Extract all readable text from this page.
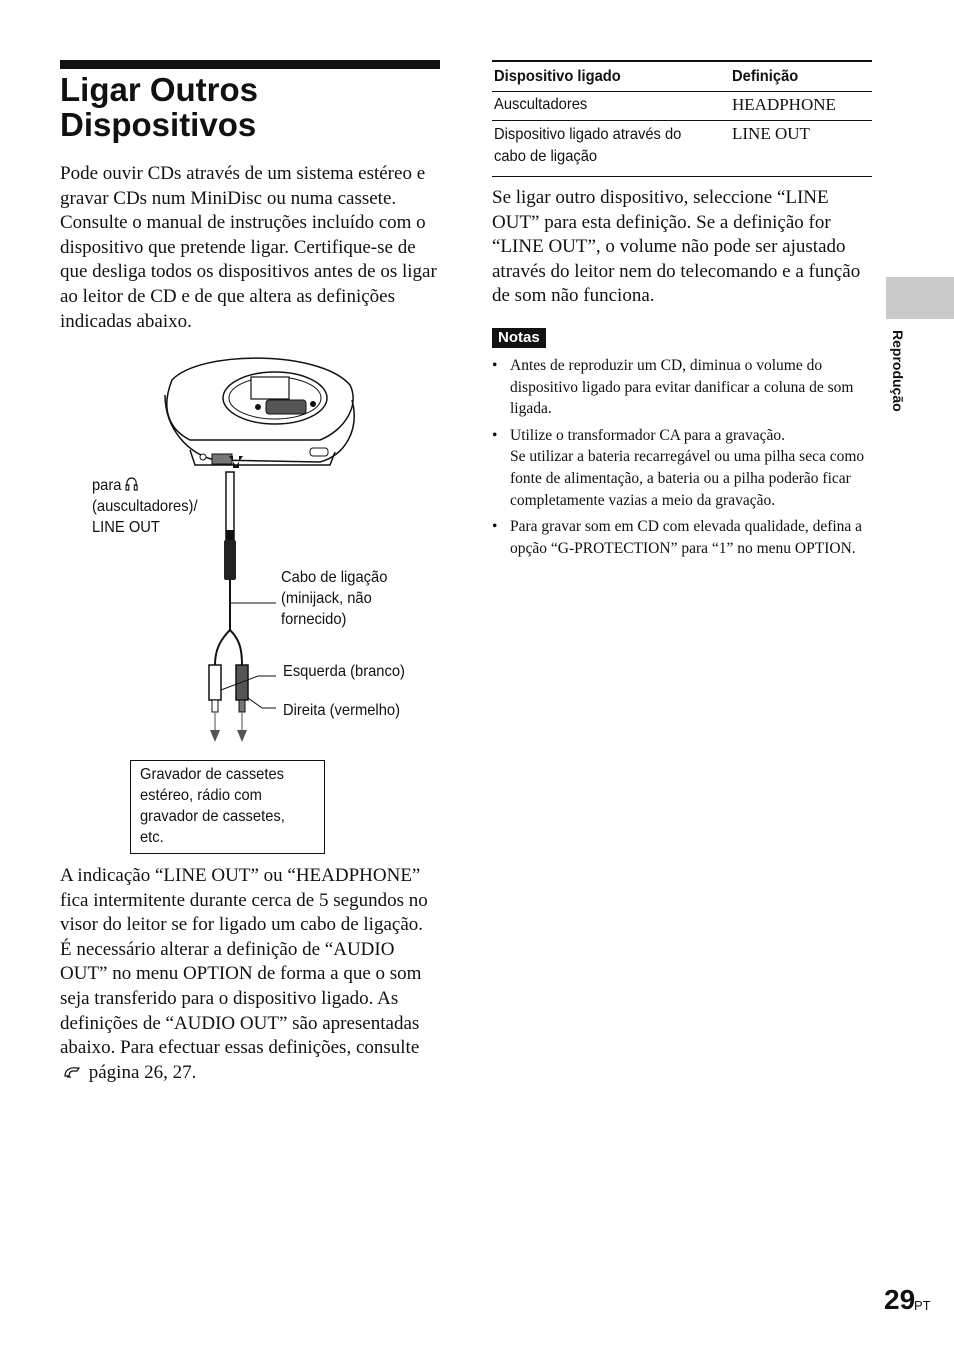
Ligar Outros Dispositivos

Pode ouvir CDs através de um sistema estéreo e gravar CDs num MiniDisc ou numa cassete. Consulte o manual de instruções incluído com o dispositivo que pretende ligar. Certifique-se de que desliga todos os dispositivos antes de os ligar ao leitor de CD e de que altera as definições indicadas abaixo.

para
(auscultadores)/
LINE OUT
Cabo de ligação
(minijack, não
fornecido)
Esquerda (branco)
Direita (vermelho)
Gravador de cassetes
estéreo, rádio com
gravador de cassetes,
etc.

A indicação “LINE OUT” ou “HEADPHONE” fica intermitente durante cerca de 5 segundos no visor do leitor se for ligado um cabo de ligação.

É necessário alterar a definição de “AUDIO OUT” no menu OPTION de forma a que o som seja transferido para o dispositivo ligado. As definições de “AUDIO OUT” são apresentadas abaixo. Para efectuar essas definições, consulte  página 26, 27.

Dispositivo ligado	Definição
Auscultadores	HEADPHONE
Dispositivo ligado através do cabo de ligação	LINE OUT

Se ligar outro dispositivo, seleccione “LINE OUT” para esta definição. Se a definição for “LINE OUT”, o volume não pode ser ajustado através do leitor nem do telecomando e a função de som não funciona.

Notas
• Antes de reproduzir um CD, diminua o volume do dispositivo ligado para evitar danificar a coluna de som ligada.
• Utilize o transformador CA para a gravação.
Se utilizar a bateria recarregável ou uma pilha seca como fonte de alimentação, a bateria ou a pilha poderão ficar completamente vazias a meio da gravação.
• Para gravar som em CD com elevada qualidade, defina a opção “G-PROTECTION” para “1” no menu OPTION.
Reprodução
29
PT
